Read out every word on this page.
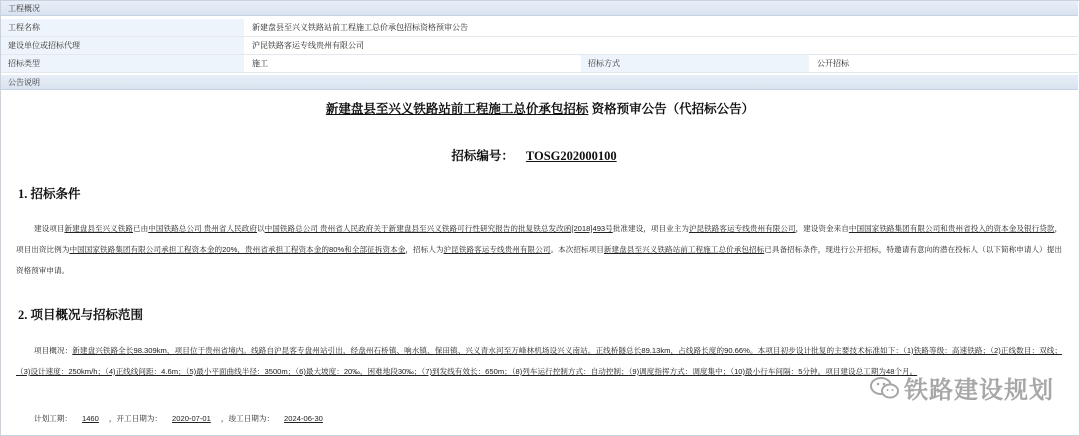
工程概况
工程名称	新建盘县至兴义铁路站前工程施工总价承包招标资格预审公告
建设单位或招标代理	沪昆铁路客运专线贵州有限公司
招标类型	施工	招标方式	公开招标
公告说明
新建盘县至兴义铁路站前工程施工总价承包招标 资格预审公告（代招标公告）
招标编号： TOSG202000100
1. 招标条件
建设项目新建盘县至兴义铁路已由中国铁路总公司 贵州省人民政府以中国铁路总公司 贵州省人民政府关于新建盘县至兴义铁路可行性研究报告的批复铁总发改函[2018]493号批准建设，项目业主为沪昆铁路客运专线贵州有限公司，建设资金来自中国国家铁路集团有限公司和贵州省投入的资本金及银行贷款，项目出资比例为中国国家铁路集团有限公司承担工程资本金的20%，贵州省承担工程资本金的80%和全部征拆资本金，招标人为沪昆铁路客运专线贵州有限公司。本次招标项目新建盘县至兴义铁路站前工程施工总价承包招标已具备招标条件，现进行公开招标，特邀请有意向的潜在投标人（以下简称申请人）提出资格预审申请。
2. 项目概况与招标范围
项目概况：新建盘兴铁路全长98.309km，项目位于贵州省境内。线路自沪昆客专盘州站引出，经盘州石桥镇、响水镇、保田镇、兴义青水河至万峰林机场设兴义南站。正线桥隧总长89.13km，占线路长度的90.66%。本项目初步设计批复的主要技术标准如下：（1)铁路等级：高速铁路；（2)正线数目：双线；（3)设计速度：250km/h；（4)正线线间距：4.6m；（5)最小平面曲线半径：3500m；（6)最大坡度：20‰，困难地段30‰；（7)到发线有效长：650m；（8)列车运行控制方式：自动控制；（9)调度指挥方式：调度集中；（10)最小行车间隔：5分钟。项目建设总工期为48个月。
计划工期： 1460 ，开工日期为： 2020-07-01 ，竣工日期为： 2024-06-30
铁路建设规划
